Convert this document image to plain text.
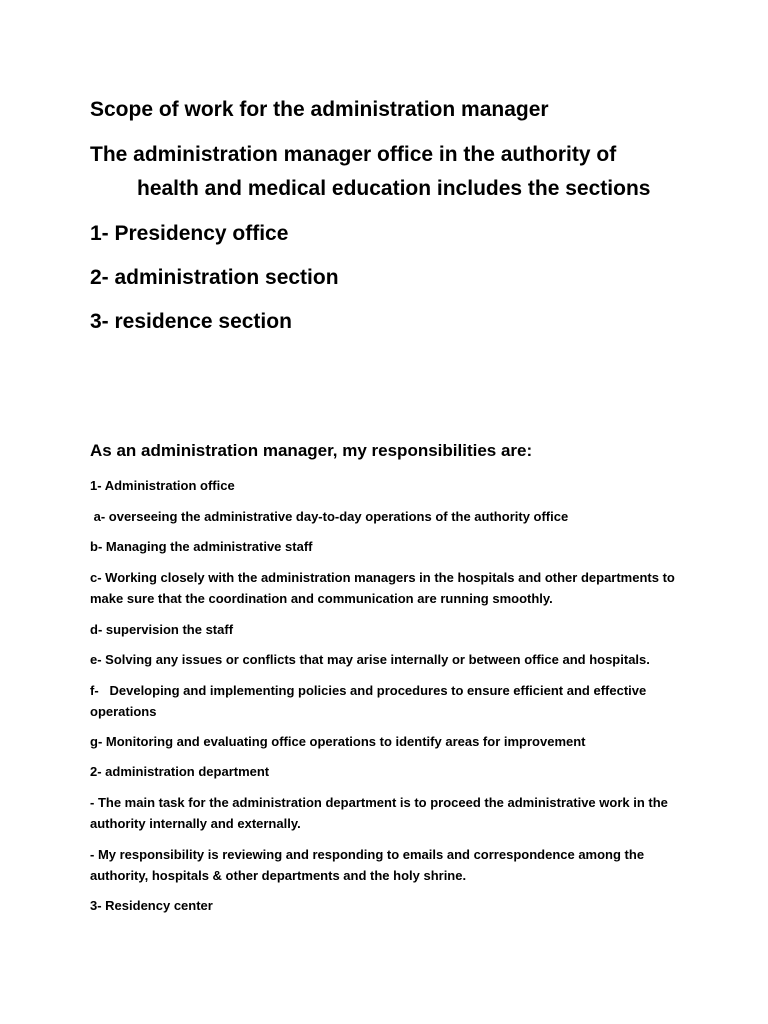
Scope of work for the administration manager
The administration manager office in the authority of
health and medical education includes the sections
1- Presidency office
2- administration section
3- residence section
As an administration manager, my responsibilities are:
1- Administration office
a- overseeing the administrative day-to-day operations of the authority office
b- Managing the administrative staff
c- Working closely with the administration managers in the hospitals and other departments to make sure that the coordination and communication are running smoothly.
d- supervision the staff
e- Solving any issues or conflicts that may arise internally or between office and hospitals.
f-   Developing and implementing policies and procedures to ensure efficient and effective operations
g- Monitoring and evaluating office operations to identify areas for improvement
2- administration department
- The main task for the administration department is to proceed the administrative work in the authority internally and externally.
- My responsibility is reviewing and responding to emails and correspondence among the authority, hospitals & other departments and the holy shrine.
3- Residency center
